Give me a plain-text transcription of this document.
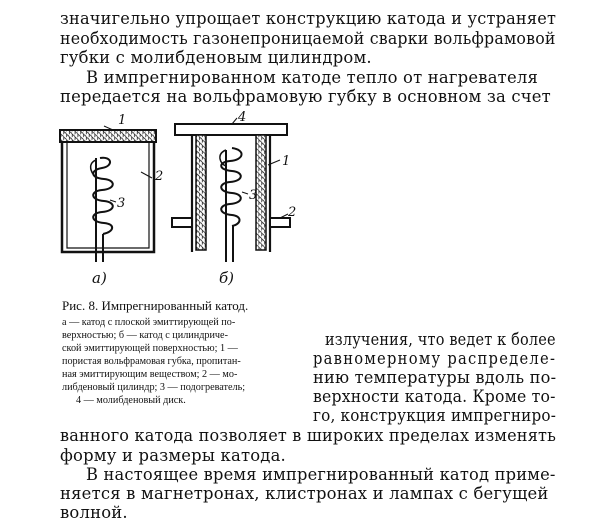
значигельно упрощает конструкцию катода и устраняет
необходимость газонепроницаемой сварки вольфрамовой
губки с молибденовым цилиндром.
В импрегнированном катоде тепло от нагревателя
передается на вольфрамовую губку в основном за счет
1
2
3
4
1
3
2
а)	б)
Рис. 8. Импрегнированный катод.
а — катод с плоской эмиттирующей по-
верхностью; б — катод с цилиндриче-
ской эмиттирующей поверхностью; 1 —
пористая вольфрамовая губка, пропитан-
ная эмиттирующим веществом; 2 — мо-
либденовый цилиндр; 3 — подогреватель;
4 — молибденовый диск.
излучения, что ведет к более
равномерному распределе-
нию температуры вдоль по-
верхности катода. Кроме то-
го, конструкция импрегниро-
ванного катода позволяет в широких пределах изменять
форму и размеры катода.
В настоящее время импрегнированный катод приме-
няется в магнетронах, клистронах и лампах с бегущей
волной.
